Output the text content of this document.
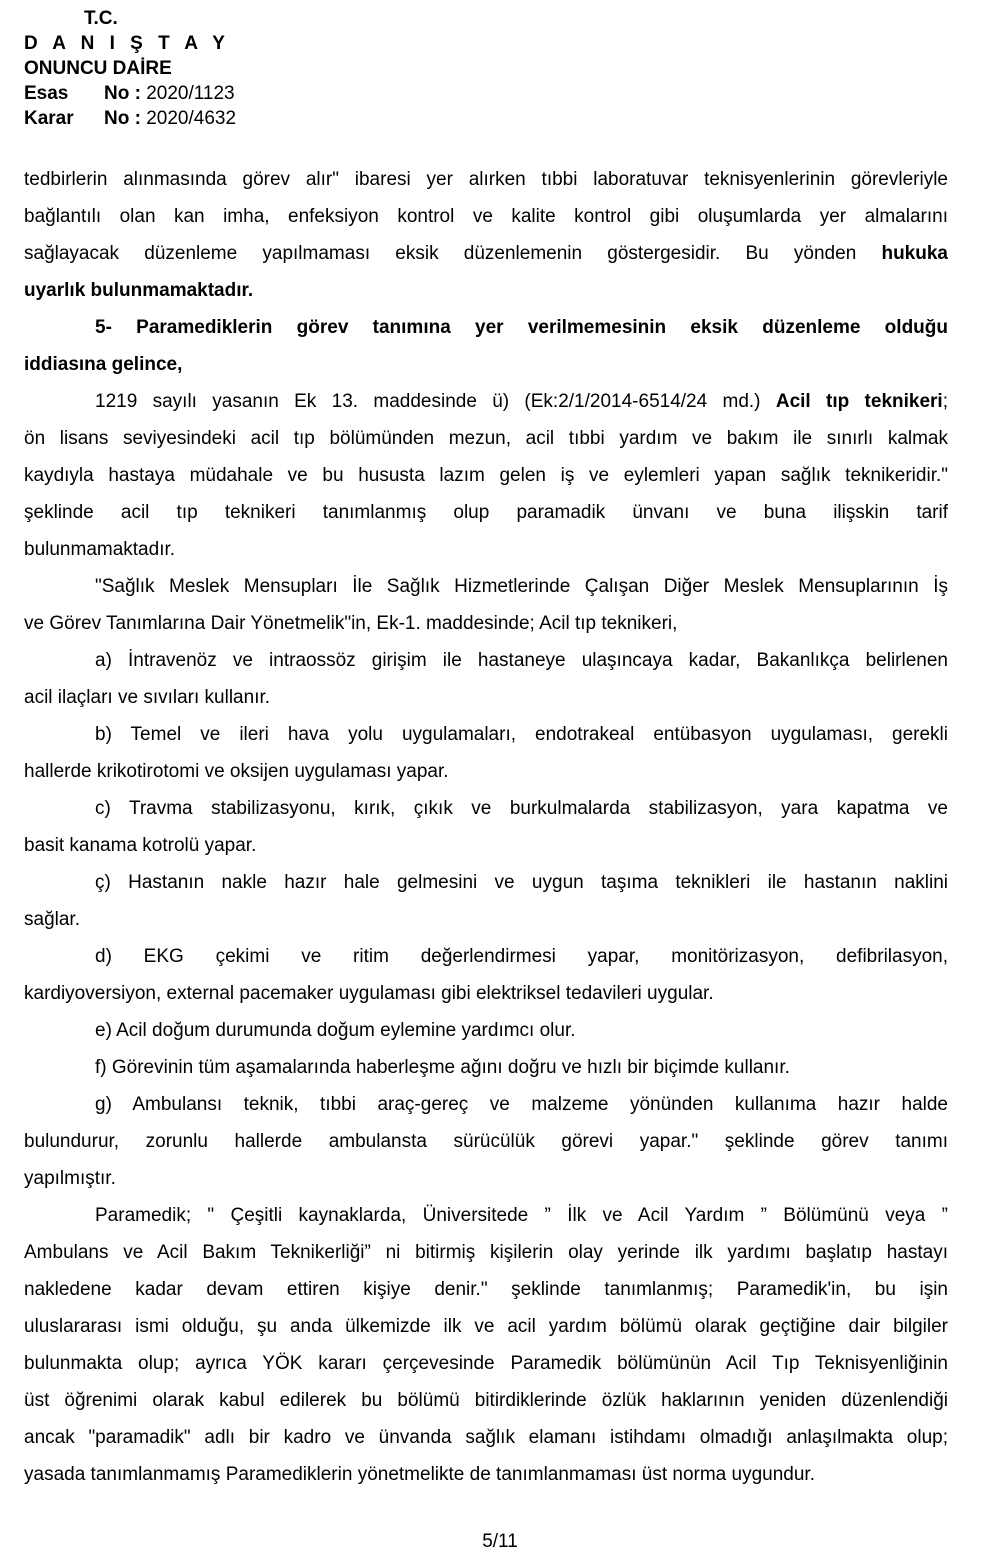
T.C.
D A N I Ş T A Y
ONUNCU DAİRE
Esas	No :
2020/1123
Karar	No :
2020/4632
tedbirlerin alınmasında görev alır" ibaresi yer alırken tıbbi laboratuvar teknisyenlerinin görevleriyle
bağlantılı olan kan imha, enfeksiyon kontrol ve kalite kontrol gibi oluşumlarda yer almalarını
sağlayacak düzenleme yapılmaması eksik düzenlemenin göstergesidir. Bu yönden hukuka
uyarlık bulunmamaktadır.
5- Paramediklerin görev tanımına yer verilmemesinin eksik düzenleme olduğu
iddiasına gelince,
1219 sayılı yasanın Ek 13. maddesinde ü) (Ek:2/1/2014-6514/24 md.) Acil tıp teknikeri;
ön lisans seviyesindeki acil tıp bölümünden mezun, acil tıbbi yardım ve bakım ile sınırlı kalmak
kaydıyla hastaya müdahale ve bu hususta lazım gelen iş ve eylemleri yapan sağlık teknikeridir."
şeklinde acil tıp teknikeri tanımlanmış olup paramadik ünvanı ve buna ilişskin tarif
bulunmamaktadır.
"Sağlık Meslek Mensupları İle Sağlık Hizmetlerinde Çalışan Diğer Meslek Mensuplarının İş
ve Görev Tanımlarına Dair Yönetmelik"in, Ek-1. maddesinde; Acil tıp teknikeri,
a) İntravenöz ve intraossöz girişim ile hastaneye ulaşıncaya kadar, Bakanlıkça belirlenen
acil ilaçları ve sıvıları kullanır.
b) Temel ve ileri hava yolu uygulamaları, endotrakeal entübasyon uygulaması, gerekli
hallerde krikotirotomi ve oksijen uygulaması yapar.
c) Travma stabilizasyonu, kırık, çıkık ve burkulmalarda stabilizasyon, yara kapatma ve
basit kanama kotrolü yapar.
ç) Hastanın nakle hazır hale gelmesini ve uygun taşıma teknikleri ile hastanın naklini
sağlar.
d) EKG çekimi ve ritim değerlendirmesi yapar, monitörizasyon, defibrilasyon,
kardiyoversiyon, external pacemaker uygulaması gibi elektriksel tedavileri uygular.
e) Acil doğum durumunda doğum eylemine yardımcı olur.
f) Görevinin tüm aşamalarında haberleşme ağını doğru ve hızlı bir biçimde kullanır.
g) Ambulansı teknik, tıbbi araç-gereç ve malzeme yönünden kullanıma hazır halde
bulundurur, zorunlu hallerde ambulansta sürücülük görevi yapar." şeklinde görev tanımı
yapılmıştır.
Paramedik; " Çeşitli kaynaklarda, Üniversitede ” İlk ve Acil Yardım ” Bölümünü veya ”
Ambulans ve Acil Bakım Teknikerliği” ni bitirmiş kişilerin olay yerinde ilk yardımı başlatıp hastayı
nakledene kadar devam ettiren kişiye denir." şeklinde tanımlanmış; Paramedik'in, bu işin
uluslararası ismi olduğu, şu anda ülkemizde ilk ve acil yardım bölümü olarak geçtiğine dair bilgiler
bulunmakta olup; ayrıca YÖK kararı çerçevesinde Paramedik bölümünün Acil Tıp Teknisyenliğinin
üst öğrenimi olarak kabul edilerek bu bölümü bitirdiklerinde özlük haklarının yeniden düzenlendiği
ancak "paramadik" adlı bir kadro ve ünvanda sağlık elamanı istihdamı olmadığı anlaşılmakta olup;
yasada tanımlanmamış Paramediklerin yönetmelikte de tanımlanmaması üst norma uygundur.
5/11
